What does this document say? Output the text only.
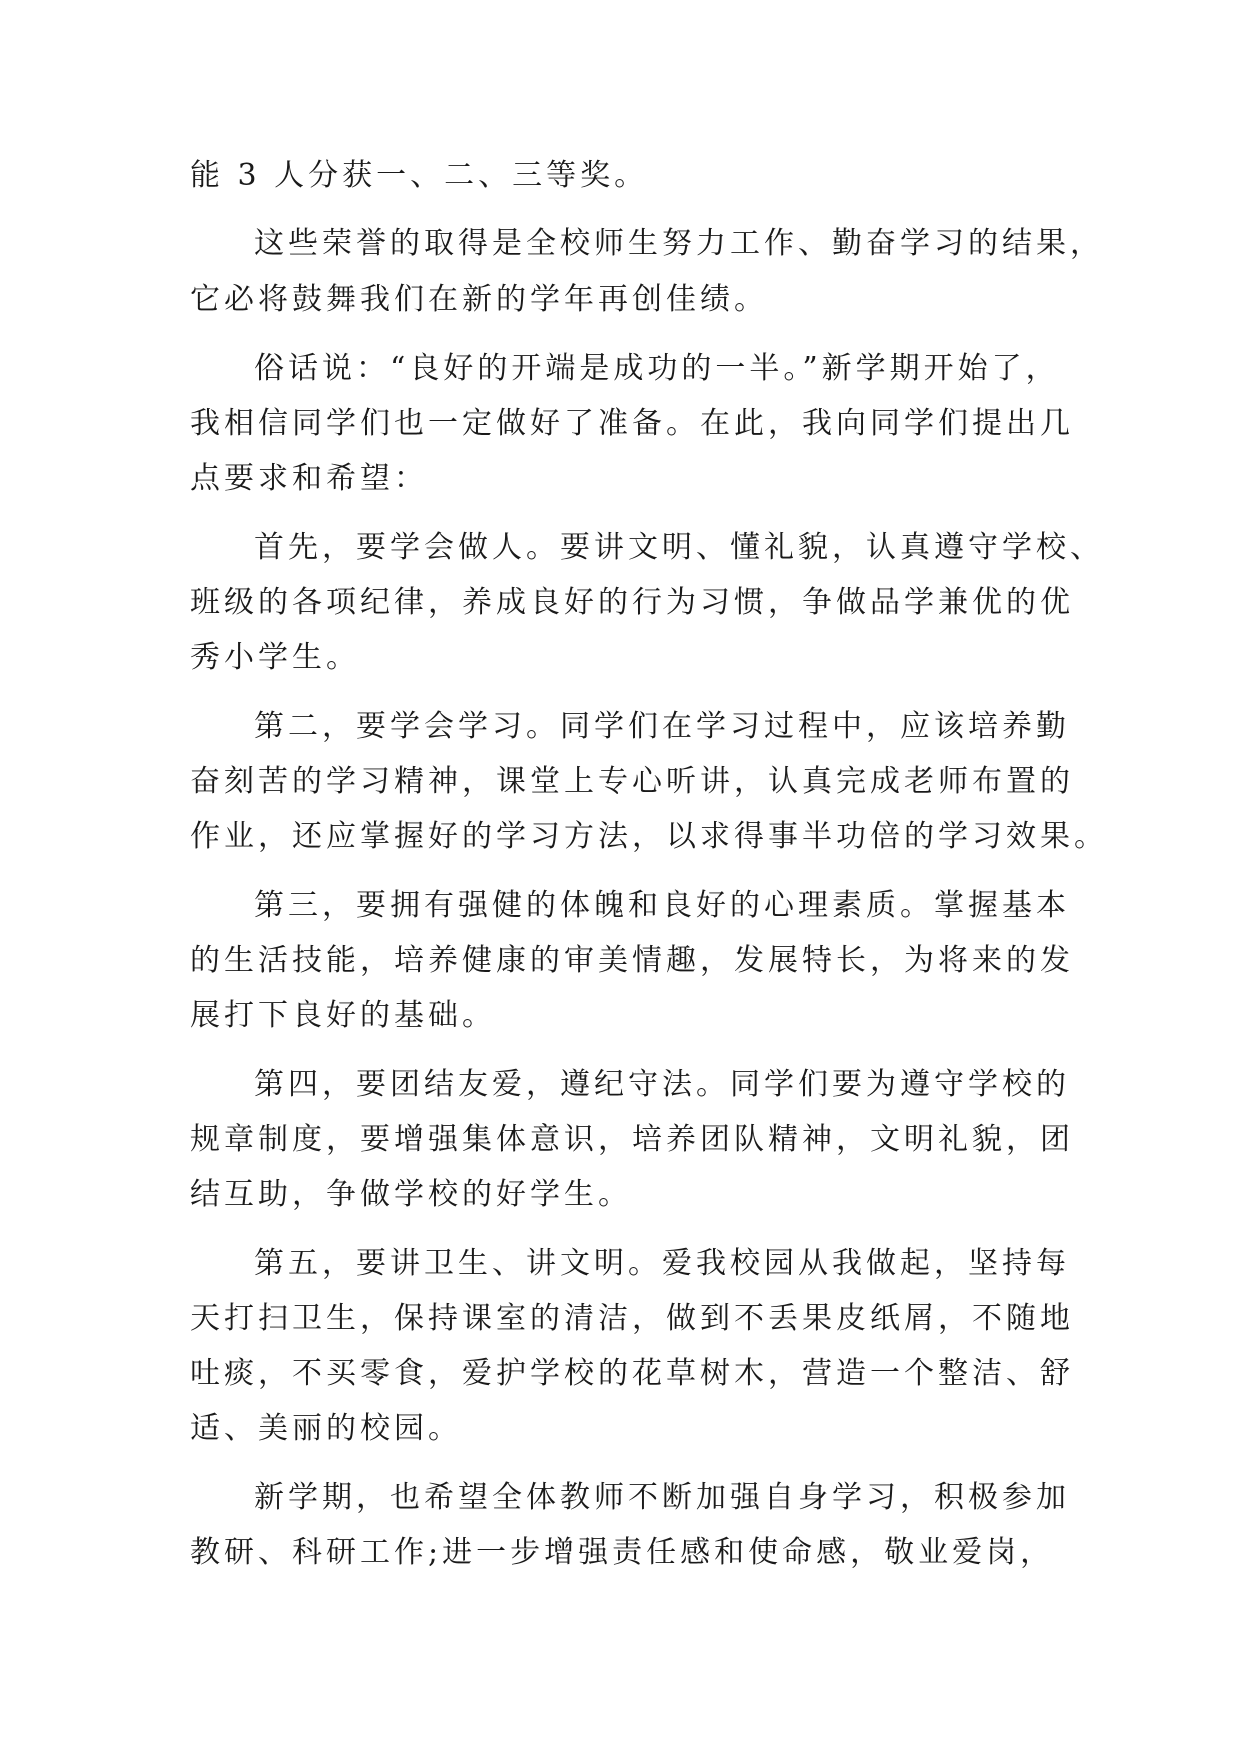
能 3 人分获一、二、三等奖。
这些荣誉的取得是全校师生努力工作、勤奋学习的结果，
它必将鼓舞我们在新的学年再创佳绩。
俗话说：“良好的开端是成功的一半。”新学期开始了，
我相信同学们也一定做好了准备。在此，我向同学们提出几
点要求和希望：
首先，要学会做人。要讲文明、懂礼貌，认真遵守学校、
班级的各项纪律，养成良好的行为习惯，争做品学兼优的优
秀小学生。
第二，要学会学习。同学们在学习过程中，应该培养勤
奋刻苦的学习精神，课堂上专心听讲，认真完成老师布置的
作业，还应掌握好的学习方法，以求得事半功倍的学习效果。
第三，要拥有强健的体魄和良好的心理素质。掌握基本
的生活技能，培养健康的审美情趣，发展特长，为将来的发
展打下良好的基础。
第四，要团结友爱，遵纪守法。同学们要为遵守学校的
规章制度，要增强集体意识，培养团队精神，文明礼貌，团
结互助，争做学校的好学生。
第五，要讲卫生、讲文明。爱我校园从我做起，坚持每
天打扫卫生，保持课室的清洁，做到不丢果皮纸屑，不随地
吐痰，不买零食，爱护学校的花草树木，营造一个整洁、舒
适、美丽的校园。
新学期，也希望全体教师不断加强自身学习，积极参加
教研、科研工作;进一步增强责任感和使命感，敬业爱岗，
